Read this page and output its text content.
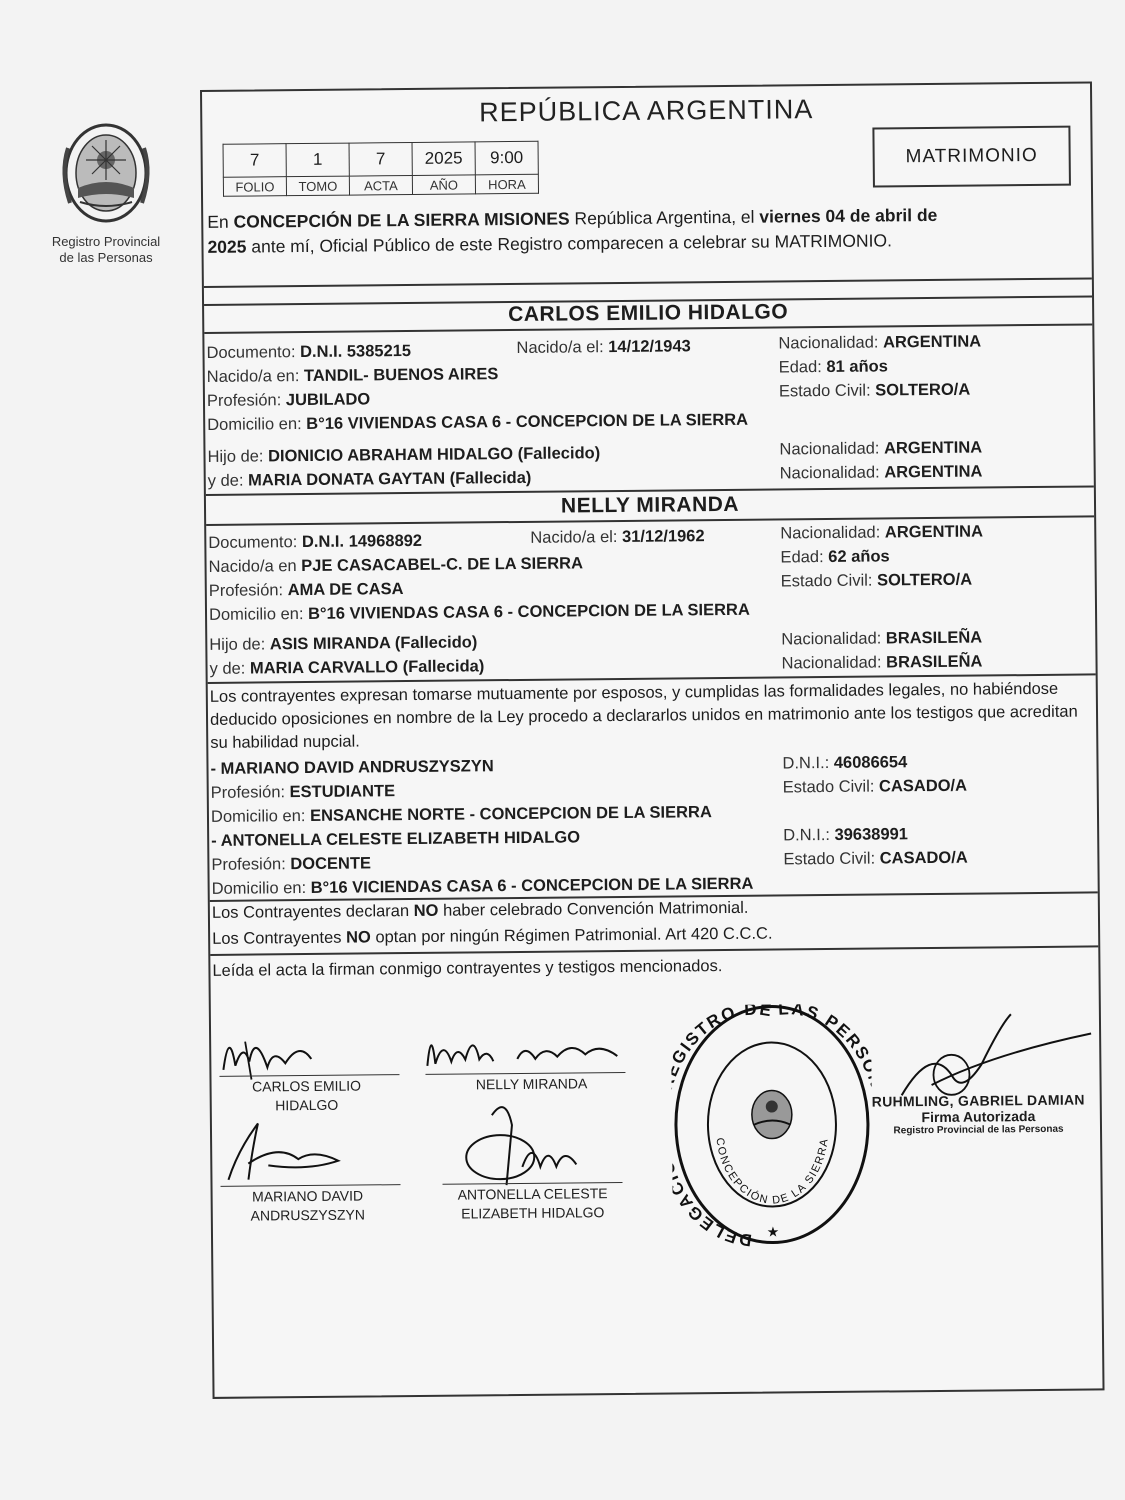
Registro Provincial
de las Personas
REPÚBLICA ARGENTINA
7	1	7	2025	9:00
FOLIO	TOMO	ACTA	AÑO	HORA
MATRIMONIO
En CONCEPCIÓN DE LA SIERRA MISIONES República Argentina, el viernes 04 de abril de
2025 ante mí, Oficial Público de este Registro comparecen a celebrar su MATRIMONIO.
CARLOS EMILIO HIDALGO
Documento: D.N.I. 5385215	Nacido/a el: 14/12/1943	Nacionalidad: ARGENTINA
Nacido/a en: TANDIL- BUENOS AIRES	Edad: 81 años
Profesión: JUBILADO	Estado Civil: SOLTERO/A
Domicilio en: B°16 VIVIENDAS CASA 6 - CONCEPCION DE LA SIERRA
Hijo de: DIONICIO ABRAHAM HIDALGO (Fallecido)	Nacionalidad: ARGENTINA
y de: MARIA DONATA GAYTAN (Fallecida)	Nacionalidad: ARGENTINA
NELLY MIRANDA
Documento: D.N.I. 14968892	Nacido/a el: 31/12/1962	Nacionalidad: ARGENTINA
Nacido/a en PJE CASACABEL-C. DE LA SIERRA	Edad: 62 años
Profesión: AMA DE CASA	Estado Civil: SOLTERO/A
Domicilio en: B°16 VIVIENDAS CASA 6 - CONCEPCION DE LA SIERRA
Hijo de: ASIS MIRANDA (Fallecido)	Nacionalidad: BRASILEÑA
y de: MARIA CARVALLO (Fallecida)	Nacionalidad: BRASILEÑA
Los contrayentes expresan tomarse mutuamente por esposos, y cumplidas las formalidades legales, no habiéndose deducido oposiciones en nombre de la Ley procedo a declararlos unidos en matrimonio ante los testigos que acreditan su habilidad nupcial.
- MARIANO DAVID ANDRUSZYSZYN	D.N.I.: 46086654
Profesión: ESTUDIANTE	Estado Civil: CASADO/A
Domicilio en: ENSANCHE NORTE - CONCEPCION DE LA SIERRA
- ANTONELLA CELESTE ELIZABETH HIDALGO	D.N.I.: 39638991
Profesión: DOCENTE	Estado Civil: CASADO/A
Domicilio en: B°16 VICIENDAS CASA 6 - CONCEPCION DE LA SIERRA
Los Contrayentes declaran NO haber celebrado Convención Matrimonial.
Los Contrayentes NO optan por ningún Régimen Patrimonial. Art 420 C.C.C.
Leída el acta la firman conmigo contrayentes y testigos mencionados.
CARLOS EMILIO
HIDALGO
NELLY MIRANDA
MARIANO DAVID
ANDRUSZYSZYN
ANTONELLA CELESTE
ELIZABETH HIDALGO
DELEGACIÓN DEL REGISTRO DE LAS PERSONAS
CONCEPCIÓN DE LA SIERRA
★
RUHMLING, GABRIEL DAMIAN
Firma Autorizada
Registro Provincial de las Personas
